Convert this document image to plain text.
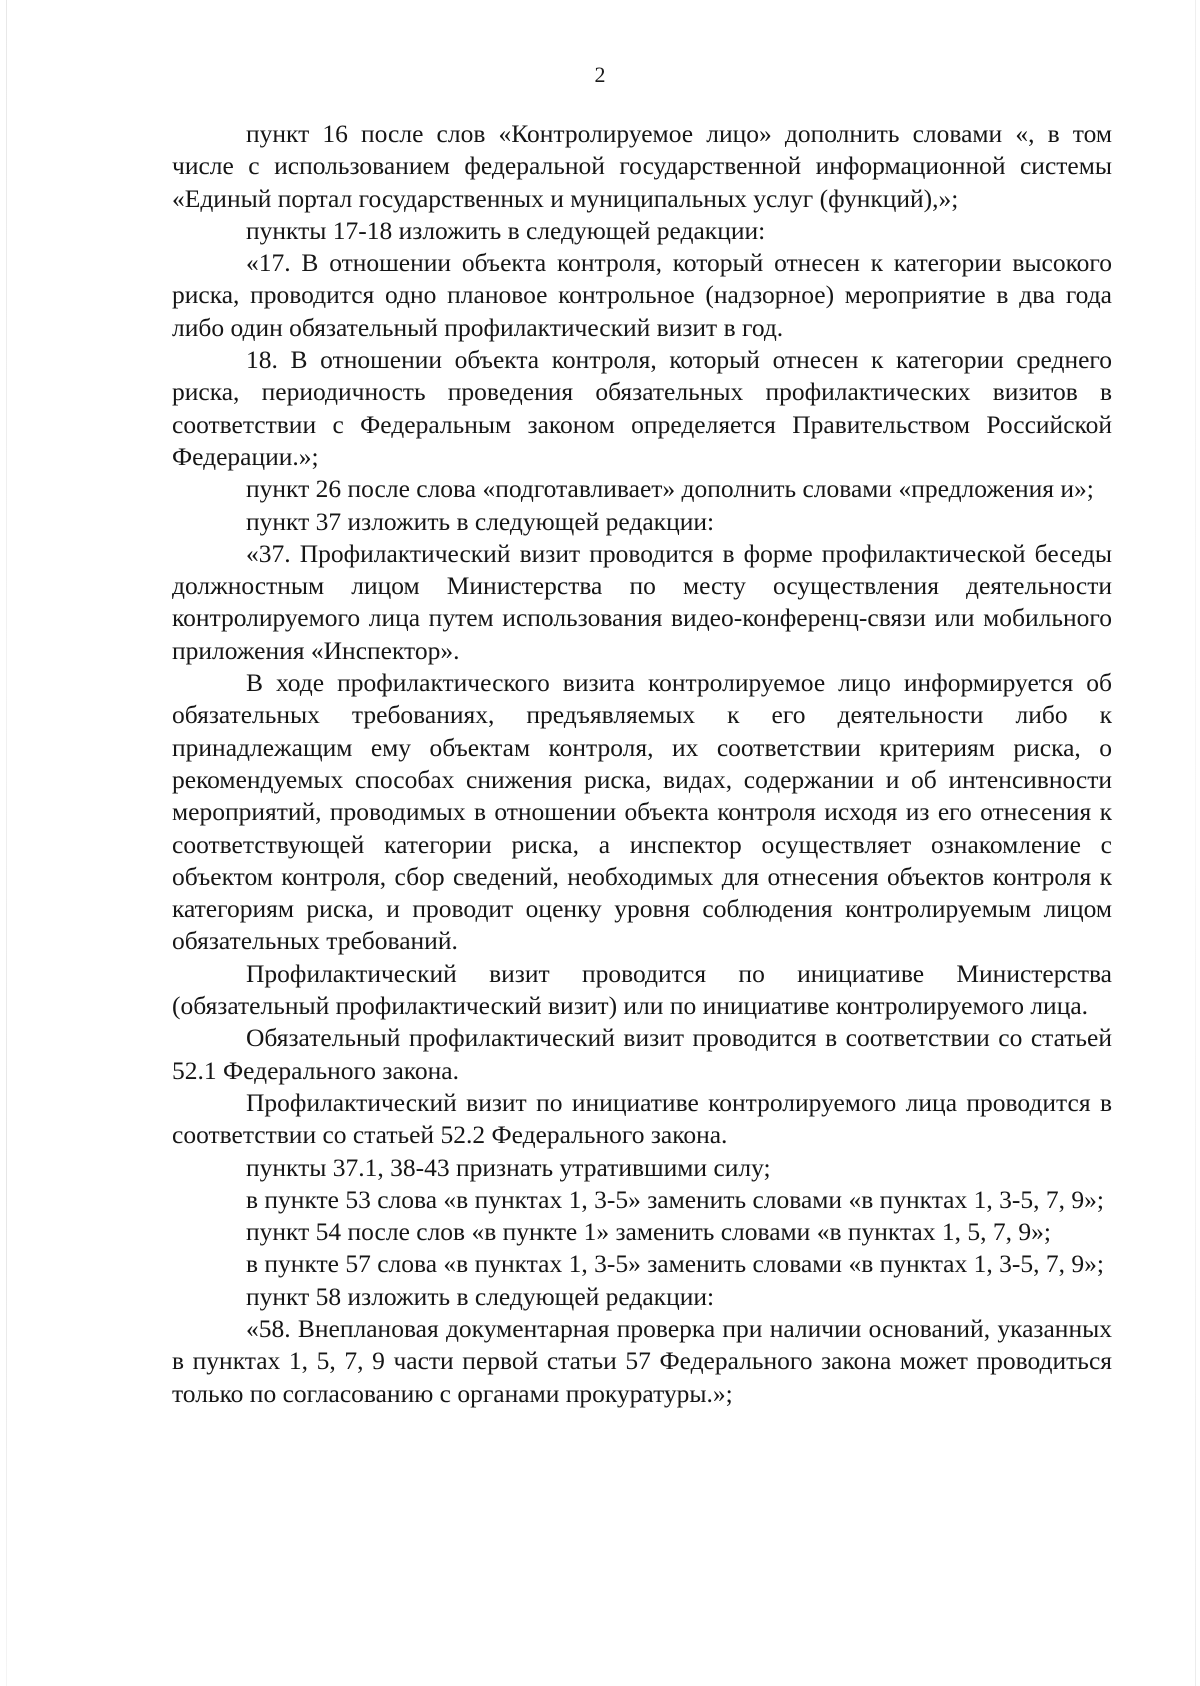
2

пункт 16 после слов «Контролируемое лицо» дополнить словами «, в том числе с использованием федеральной государственной информационной системы «Единый портал государственных и муниципальных услуг (функций),»;

пункты 17-18 изложить в следующей редакции:

«17. В отношении объекта контроля, который отнесен к категории высокого риска, проводится одно плановое контрольное (надзорное) мероприятие в два года либо один обязательный профилактический визит в год.

18. В отношении объекта контроля, который отнесен к категории среднего риска, периодичность проведения обязательных профилактических визитов в соответствии с Федеральным законом определяется Правительством Российской Федерации.»;

пункт 26 после слова «подготавливает» дополнить словами «предложения и»;

пункт 37 изложить в следующей редакции:

«37. Профилактический визит проводится в форме профилактической беседы должностным лицом Министерства по месту осуществления деятельности контролируемого лица путем использования видео-конференц-связи или мобильного приложения «Инспектор».

В ходе профилактического визита контролируемое лицо информируется об обязательных требованиях, предъявляемых к его деятельности либо к принадлежащим ему объектам контроля, их соответствии критериям риска, о рекомендуемых способах снижения риска, видах, содержании и об интенсивности мероприятий, проводимых в отношении объекта контроля исходя из его отнесения к соответствующей категории риска, а инспектор осуществляет ознакомление с объектом контроля, сбор сведений, необходимых для отнесения объектов контроля к категориям риска, и проводит оценку уровня соблюдения контролируемым лицом обязательных требований.

Профилактический визит проводится по инициативе Министерства (обязательный профилактический визит) или по инициативе контролируемого лица.

Обязательный профилактический визит проводится в соответствии со статьей 52.1 Федерального закона.

Профилактический визит по инициативе контролируемого лица проводится в соответствии со статьей 52.2 Федерального закона.

пункты 37.1, 38-43 признать утратившими силу;

в пункте 53 слова «в пунктах 1, 3-5» заменить словами «в пунктах 1, 3-5, 7, 9»;

пункт 54 после слов «в пункте 1» заменить словами «в пунктах 1, 5, 7, 9»;

в пункте 57 слова «в пунктах 1, 3-5» заменить словами «в пунктах 1, 3-5, 7, 9»;

пункт 58 изложить в следующей редакции:

«58. Внеплановая документарная проверка при наличии оснований, указанных в пунктах 1, 5, 7, 9 части первой статьи 57 Федерального закона может проводиться только по согласованию с органами прокуратуры.»;
